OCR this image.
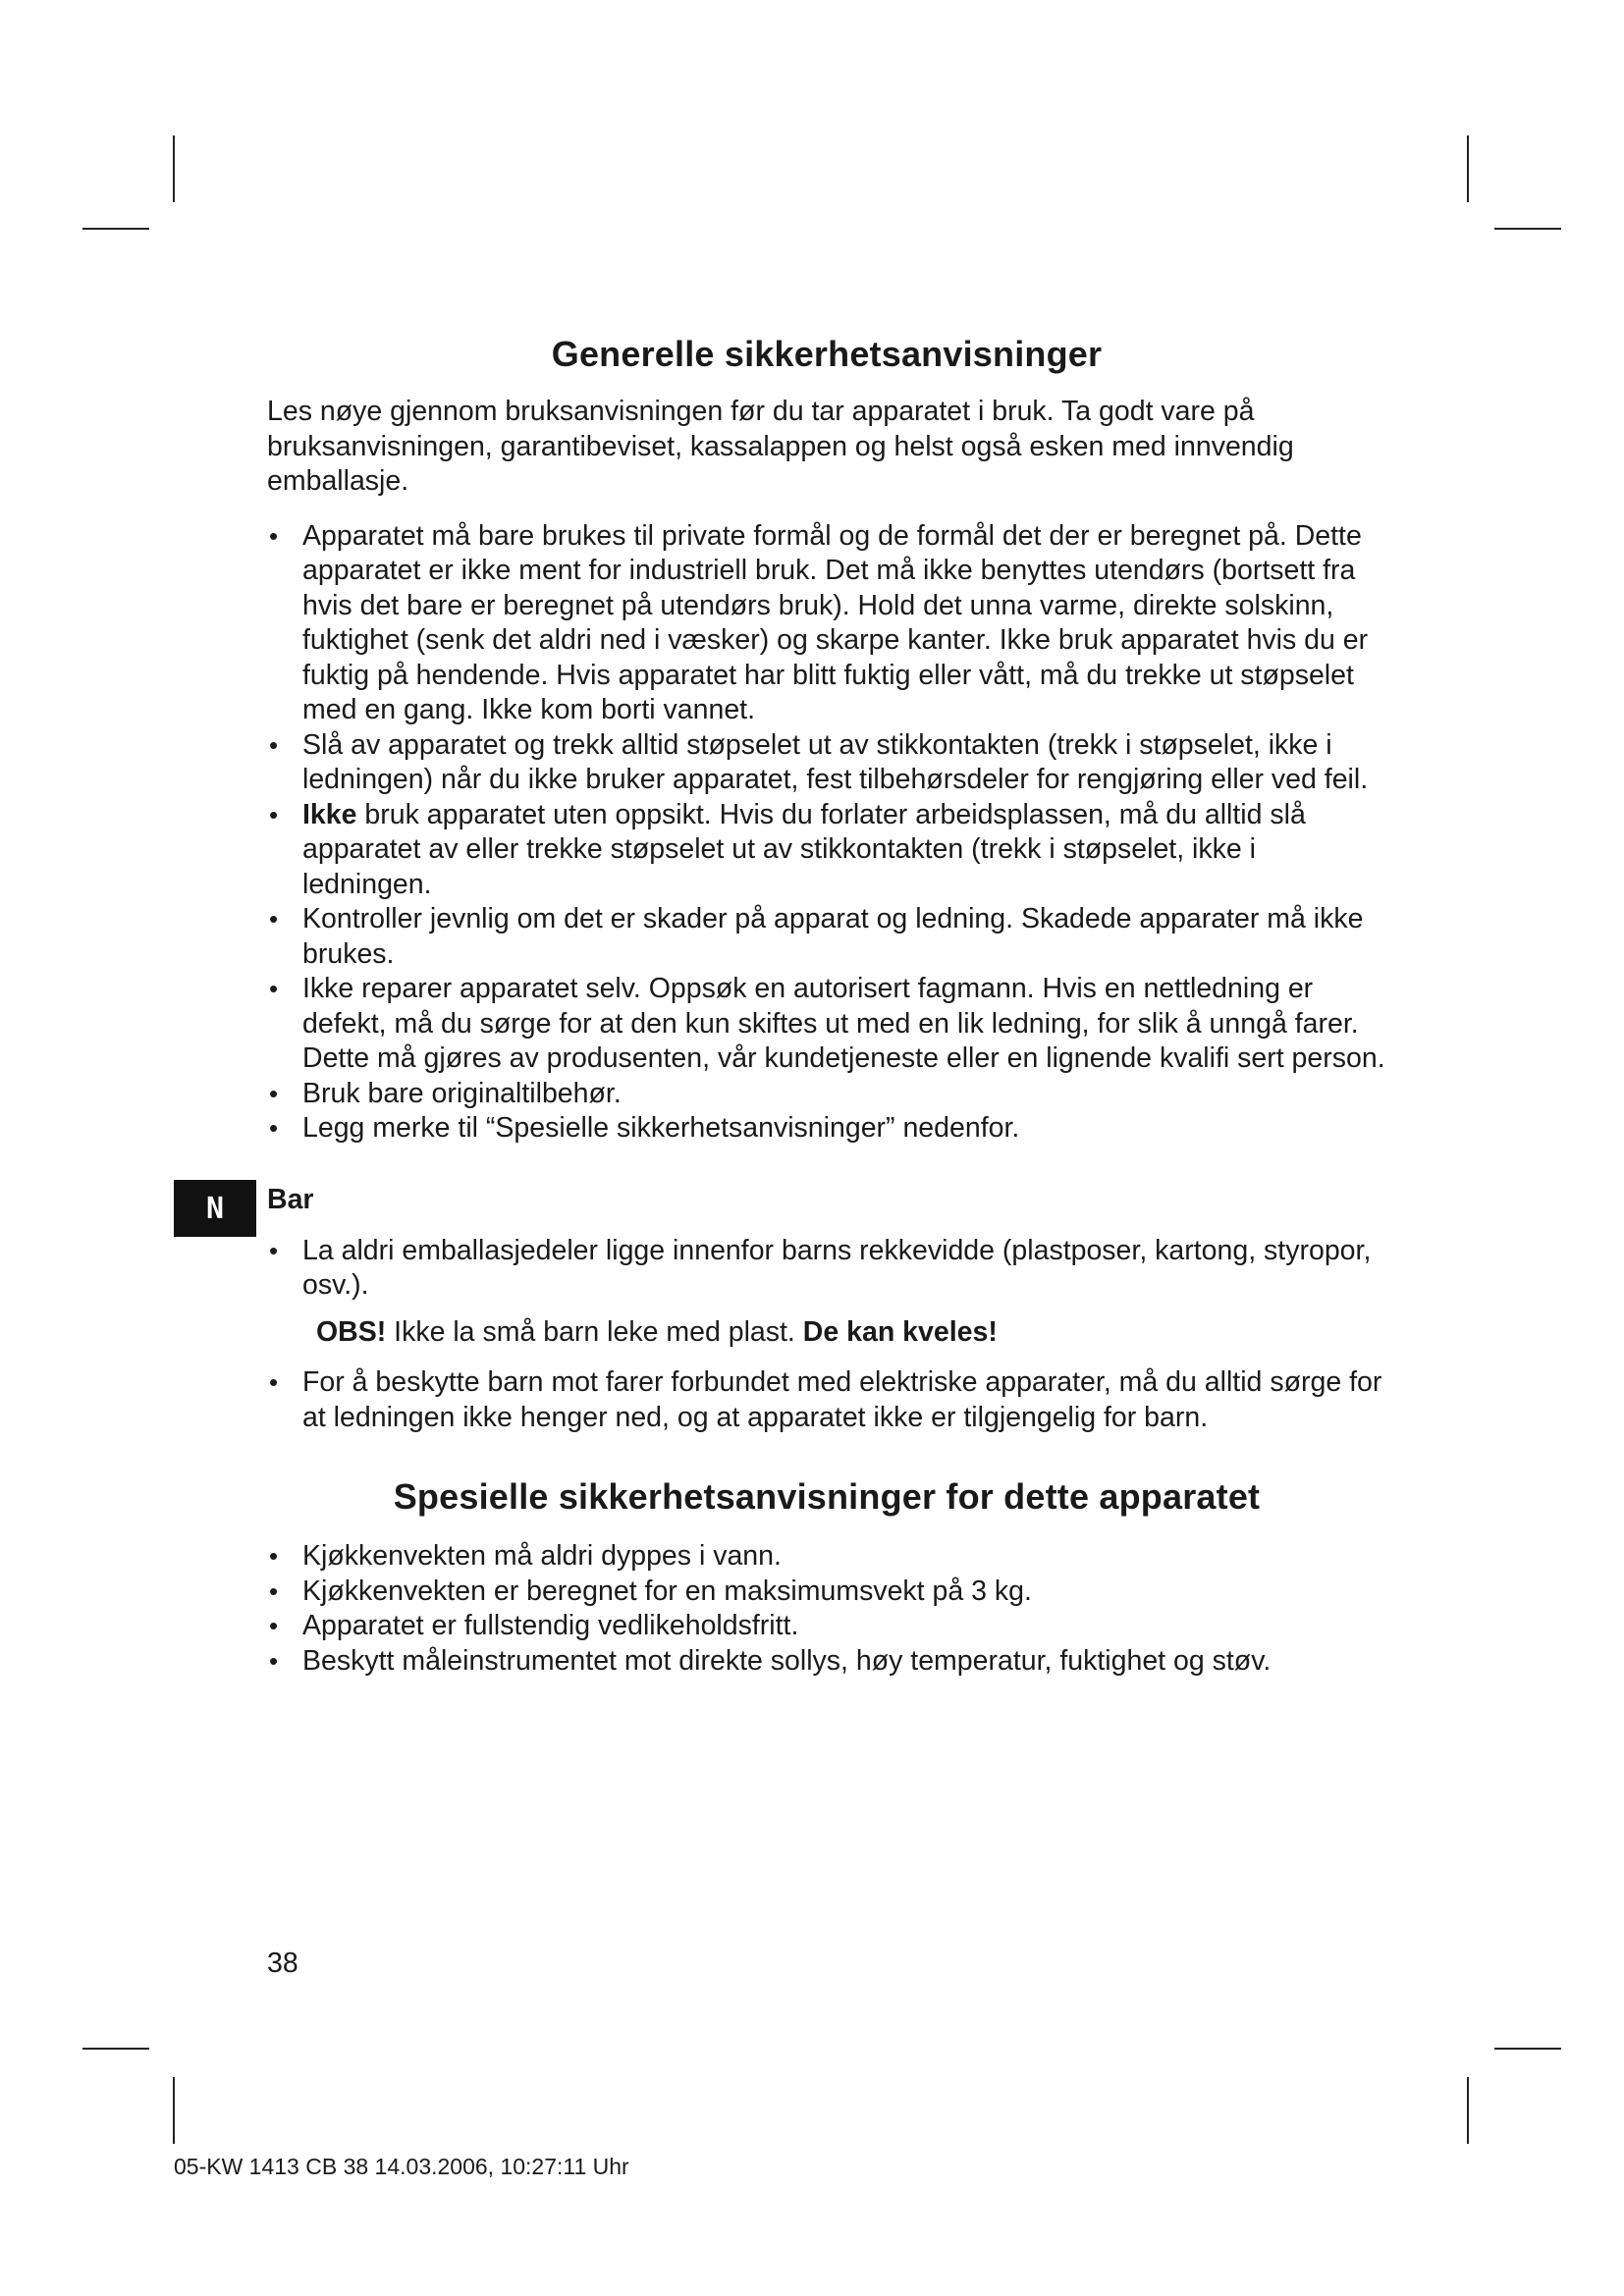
N
Generelle sikkerhetsanvisninger

Les nøye gjennom bruksanvisningen før du tar apparatet i bruk. Ta godt vare på bruksanvisningen, garantibeviset, kassalappen og helst også esken med innvendig emballasje.

• Apparatet må bare brukes til private formål og de formål det der er beregnet på. Dette apparatet er ikke ment for industriell bruk. Det må ikke benyttes utendørs (bortsett fra hvis det bare er beregnet på utendørs bruk). Hold det unna varme, direkte solskinn, fuktighet (senk det aldri ned i væsker) og skarpe kanter. Ikke bruk apparatet hvis du er fuktig på hendende. Hvis apparatet har blitt fuktig eller vått, må du trekke ut støpselet med en gang. Ikke kom borti vannet.
• Slå av apparatet og trekk alltid støpselet ut av stikkontakten (trekk i støpselet, ikke i ledningen) når du ikke bruker apparatet, fest tilbehørsdeler for rengjøring eller ved feil.
• Ikke bruk apparatet uten oppsikt. Hvis du forlater arbeidsplassen, må du alltid slå apparatet av eller trekke støpselet ut av stikkontakten (trekk i støpselet, ikke i ledningen.
• Kontroller jevnlig om det er skader på apparat og ledning. Skadede apparater må ikke brukes.
• Ikke reparer apparatet selv. Oppsøk en autorisert fagmann. Hvis en nettledning er defekt, må du sørge for at den kun skiftes ut med en lik ledning, for slik å unngå farer. Dette må gjøres av produsenten, vår kundetjeneste eller en lignende kvalifi sert person.
• Bruk bare originaltilbehør.
• Legg merke til “Spesielle sikkerhetsanvisninger” nedenfor.
Bar
• La aldri emballasjedeler ligge innenfor barns rekkevidde (plastposer, kartong, styropor, osv.).

OBS! Ikke la små barn leke med plast. De kan kveles!

• For å beskytte barn mot farer forbundet med elektriske apparater, må du alltid sørge for at ledningen ikke henger ned, og at apparatet ikke er tilgjengelig for barn.
Spesielle sikkerhetsanvisninger for dette apparatet
• Kjøkkenvekten må aldri dyppes i vann.
• Kjøkkenvekten er beregnet for en maksimumsvekt på 3 kg.
• Apparatet er fullstendig vedlikeholdsfritt.
• Beskytt måleinstrumentet mot direkte sollys, høy temperatur, fuktighet og støv.
38
05-KW 1413 CB 38 14.03.2006, 10:27:11 Uhr
